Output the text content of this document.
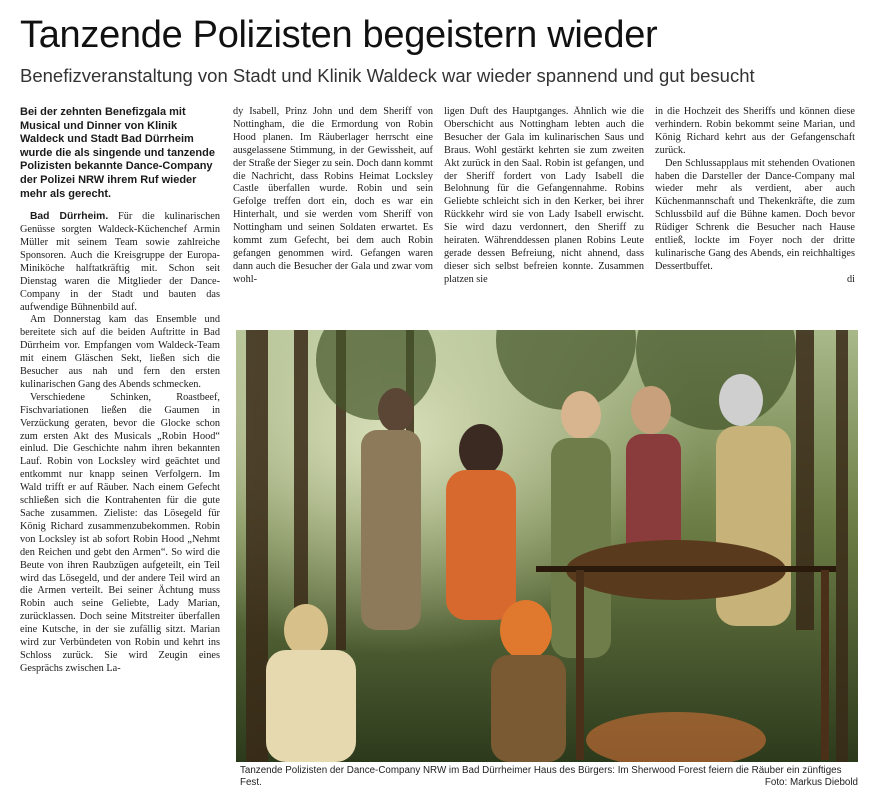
Tanzende Polizisten begeistern wieder
Benefizveranstaltung von Stadt und Klinik Waldeck war wieder spannend und gut besucht

Bei der zehnten Benefizgala mit Musical und Dinner von Klinik Waldeck und Stadt Bad Dürrheim wurde die als singende und tanzende Polizisten bekannte Dance-Company der Polizei NRW ihrem Ruf wieder mehr als gerecht.

Bad Dürrheim. Für die kulinarischen Genüsse sorgten Waldeck-Küchenchef Armin Müller mit seinem Team sowie zahlreiche Sponsoren. Auch die Kreisgruppe der Europa-Miniköche halftatkräftig mit. Schon seit Dienstag waren die Mitglieder der Dance-Company in der Stadt und bauten das aufwendige Bühnenbild auf.

Am Donnerstag kam das Ensemble und bereitete sich auf die beiden Auftritte in Bad Dürrheim vor. Empfangen vom Waldeck-Team mit einem Gläschen Sekt, ließen sich die Besucher aus nah und fern den ersten kulinarischen Gang des Abends schmecken.

Verschiedene Schinken, Roastbeef, Fischvariationen ließen die Gaumen in Verzückung geraten, bevor die Glocke schon zum ersten Akt des Musicals „Robin Hood“ einlud. Die Geschichte nahm ihren bekannten Lauf. Robin von Locksley wird geächtet und entkommt nur knapp seinen Verfolgern. Im Wald trifft er auf Räuber. Nach einem Gefecht schließen sich die Kontrahenten für die gute Sache zusammen. Zieliste: das Lösegeld für König Richard zusammenzubekommen. Robin von Locksley ist ab sofort Robin Hood „Nehmt den Reichen und gebt den Armen“. So wird die Beute von ihren Raubzügen aufgeteilt, ein Teil wird das Lösegeld, und der andere Teil wird an die Armen verteilt. Bei seiner Ächtung muss Robin auch seine Geliebte, Lady Marian, zurücklassen. Doch seine Mitstreiter überfallen eine Kutsche, in der sie zufällig sitzt. Marian wird zur Verbündeten von Robin und kehrt ins Schloss zurück. Sie wird Zeugin eines Gesprächs zwischen La-

dy Isabell, Prinz John und dem Sheriff von Nottingham, die die Ermordung von Robin Hood planen. Im Räuberlager herrscht eine ausgelassene Stimmung, in der Gewissheit, auf der Straße der Sieger zu sein. Doch dann kommt die Nachricht, dass Robins Heimat Locksley Castle überfallen wurde. Robin und sein Gefolge treffen dort ein, doch es war ein Hinterhalt, und sie werden vom Sheriff von Nottingham und seinen Soldaten erwartet. Es kommt zum Gefecht, bei dem auch Robin gefangen genommen wird. Gefangen waren dann auch die Besucher der Gala und zwar vom wohl-

ligen Duft des Hauptganges. Ähnlich wie die Oberschicht aus Nottingham lebten auch die Besucher der Gala im kulinarischen Saus und Braus. Wohl gestärkt kehrten sie zum zweiten Akt zurück in den Saal. Robin ist gefangen, und der Sheriff fordert von Lady Isabell die Belohnung für die Gefangennahme. Robins Geliebte schleicht sich in den Kerker, bei ihrer Rückkehr wird sie von Lady Isabell erwischt. Sie wird dazu verdonnert, den Sheriff zu heiraten. Währenddessen planen Robins Leute gerade dessen Befreiung, nicht ahnend, dass dieser sich selbst befreien konnte. Zusammen platzen sie

in die Hochzeit des Sheriffs und können diese verhindern. Robin bekommt seine Marian, und König Richard kehrt aus der Gefangenschaft zurück.

Den Schlussapplaus mit stehenden Ovationen haben die Darsteller der Dance-Company mal wieder mehr als verdient, aber auch Küchenmannschaft und Thekenkräfte, die zum Schlussbild auf die Bühne kamen. Doch bevor Rüdiger Schrenk die Besucher nach Hause entließ, lockte im Foyer noch der dritte kulinarische Gang des Abends, ein reichhaltiges Dessertbuffet.

di

Tanzende Polizisten der Dance-Company NRW im Bad Dürrheimer Haus des Bürgers: Im Sherwood Forest feiern die Räuber ein zünftiges Fest.	Foto: Markus Diebold
